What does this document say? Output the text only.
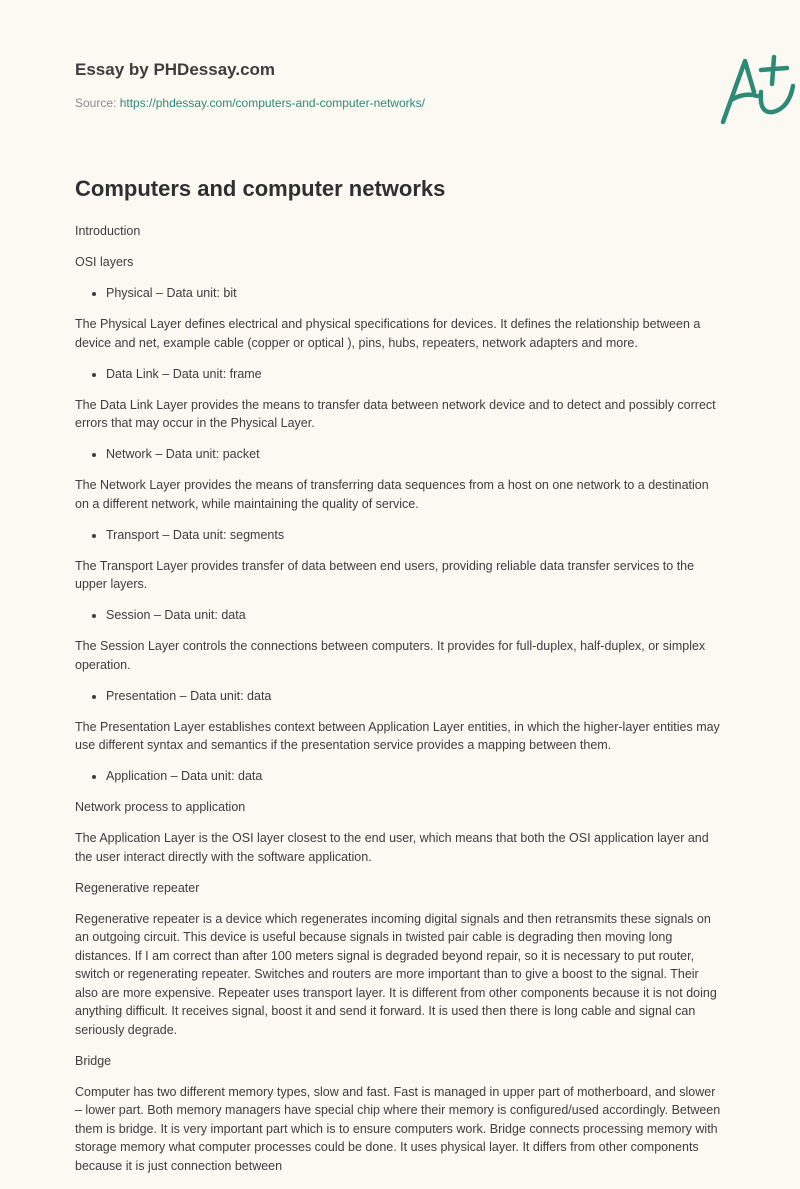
Essay by PHDessay.com

Source: https://phdessay.com/computers-and-computer-networks/

Computers and computer networks

Introduction

OSI layers

• Physical – Data unit: bit

The Physical Layer defines electrical and physical specifications for devices. It defines the relationship between a device and net, example cable (copper or optical ), pins, hubs, repeaters, network adapters and more.

• Data Link – Data unit: frame

The Data Link Layer provides the means to transfer data between network device and to detect and possibly correct errors that may occur in the Physical Layer.

• Network – Data unit: packet

The Network Layer provides the means of transferring data sequences from a host on one network to a destination on a different network, while maintaining the quality of service.

• Transport – Data unit: segments

The Transport Layer provides transfer of data between end users, providing reliable data transfer services to the upper layers.

• Session – Data unit: data

The Session Layer controls the connections between computers. It provides for full-duplex, half-duplex, or simplex operation.

• Presentation – Data unit: data

The Presentation Layer establishes context between Application Layer entities, in which the higher-layer entities may use different syntax and semantics if the presentation service provides a mapping between them.

• Application – Data unit: data

Network process to application

The Application Layer is the OSI layer closest to the end user, which means that both the OSI application layer and the user interact directly with the software application.

Regenerative repeater

Regenerative repeater is a device which regenerates incoming digital signals and then retransmits these signals on an outgoing circuit. This device is useful because signals in twisted pair cable is degrading then moving long distances. If I am correct than after 100 meters signal is degraded beyond repair, so it is necessary to put router, switch or regenerating repeater. Switches and routers are more important than to give a boost to the signal. Their also are more expensive. Repeater uses transport layer. It is different from other components because it is not doing anything difficult. It receives signal, boost it and send it forward. It is used then there is long cable and signal can seriously degrade.

Bridge

Computer has two different memory types, slow and fast. Fast is managed in upper part of motherboard, and slower – lower part. Both memory managers have special chip where their memory is configured/used accordingly. Between them is bridge. It is very important part which is to ensure computers work. Bridge connects processing memory with storage memory what computer processes could be done. It uses physical layer. It differs from other components because it is just connection between
